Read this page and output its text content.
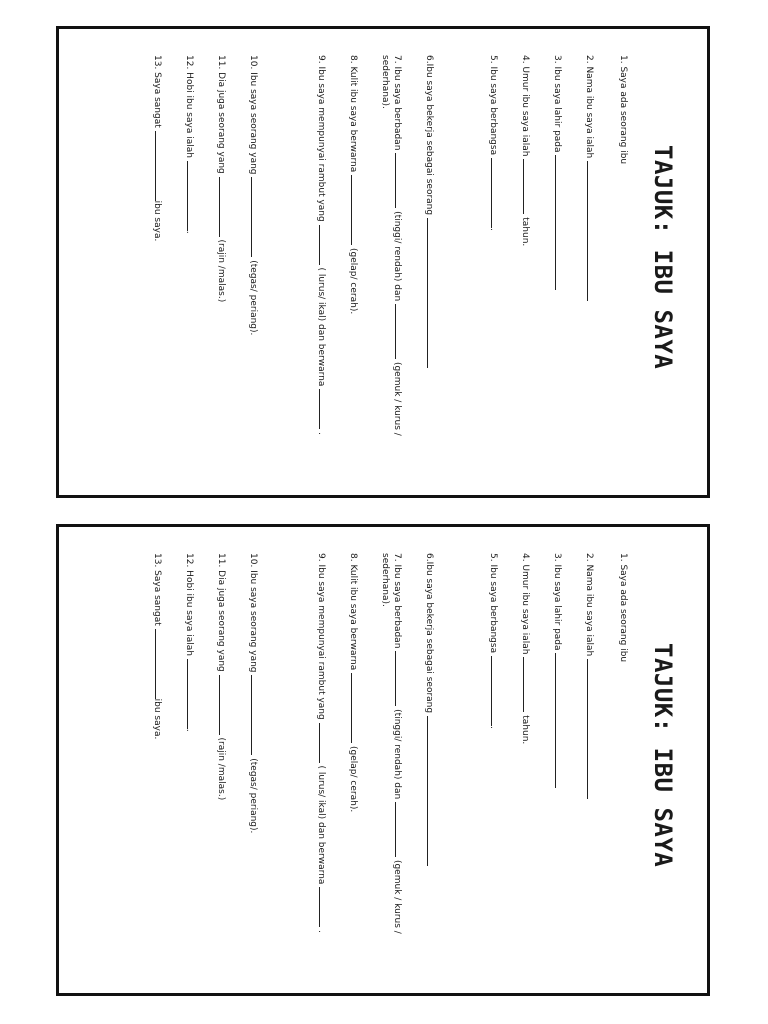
TAJUK: IBU SAYA
1. Saya ada seorang ibu
2. Nama ibu saya ialah
3. Ibu saya lahir pada
4. Umur ibu saya ialah  tahun.
5. Ibu saya berbangsa .
6.Ibu saya bekerja sebagai seorang
7. Ibu saya berbadan  (tinggi/ rendah) dan  (gemuk / kurus / sederhana).
8. Kulit ibu saya berwarna  (gelap/ cerah).
9. Ibu saya mempunyai rambut yang  ( lurus/ ikal) dan berwarna  .
10. Ibu saya seorang yang  (tegas/ periang).
11. Dia juga seorang yang  (rajin /malas.)
12. Hobi ibu saya ialah .
13. Saya sangat ibu saya.
TAJUK: IBU SAYA
1. Saya ada seorang ibu
2. Nama ibu saya ialah
3. Ibu saya lahir pada
4. Umur ibu saya ialah  tahun.
5. Ibu saya berbangsa .
6.Ibu saya bekerja sebagai seorang
7. Ibu saya berbadan  (tinggi/ rendah) dan  (gemuk / kurus / sederhana).
8. Kulit ibu saya berwarna  (gelap/ cerah).
9. Ibu saya mempunyai rambut yang  ( lurus/ ikal) dan berwarna  .
10. Ibu saya seorang yang  (tegas/ periang).
11. Dia juga seorang yang  (rajin /malas.)
12. Hobi ibu saya ialah .
13. Saya sangat ibu saya.
